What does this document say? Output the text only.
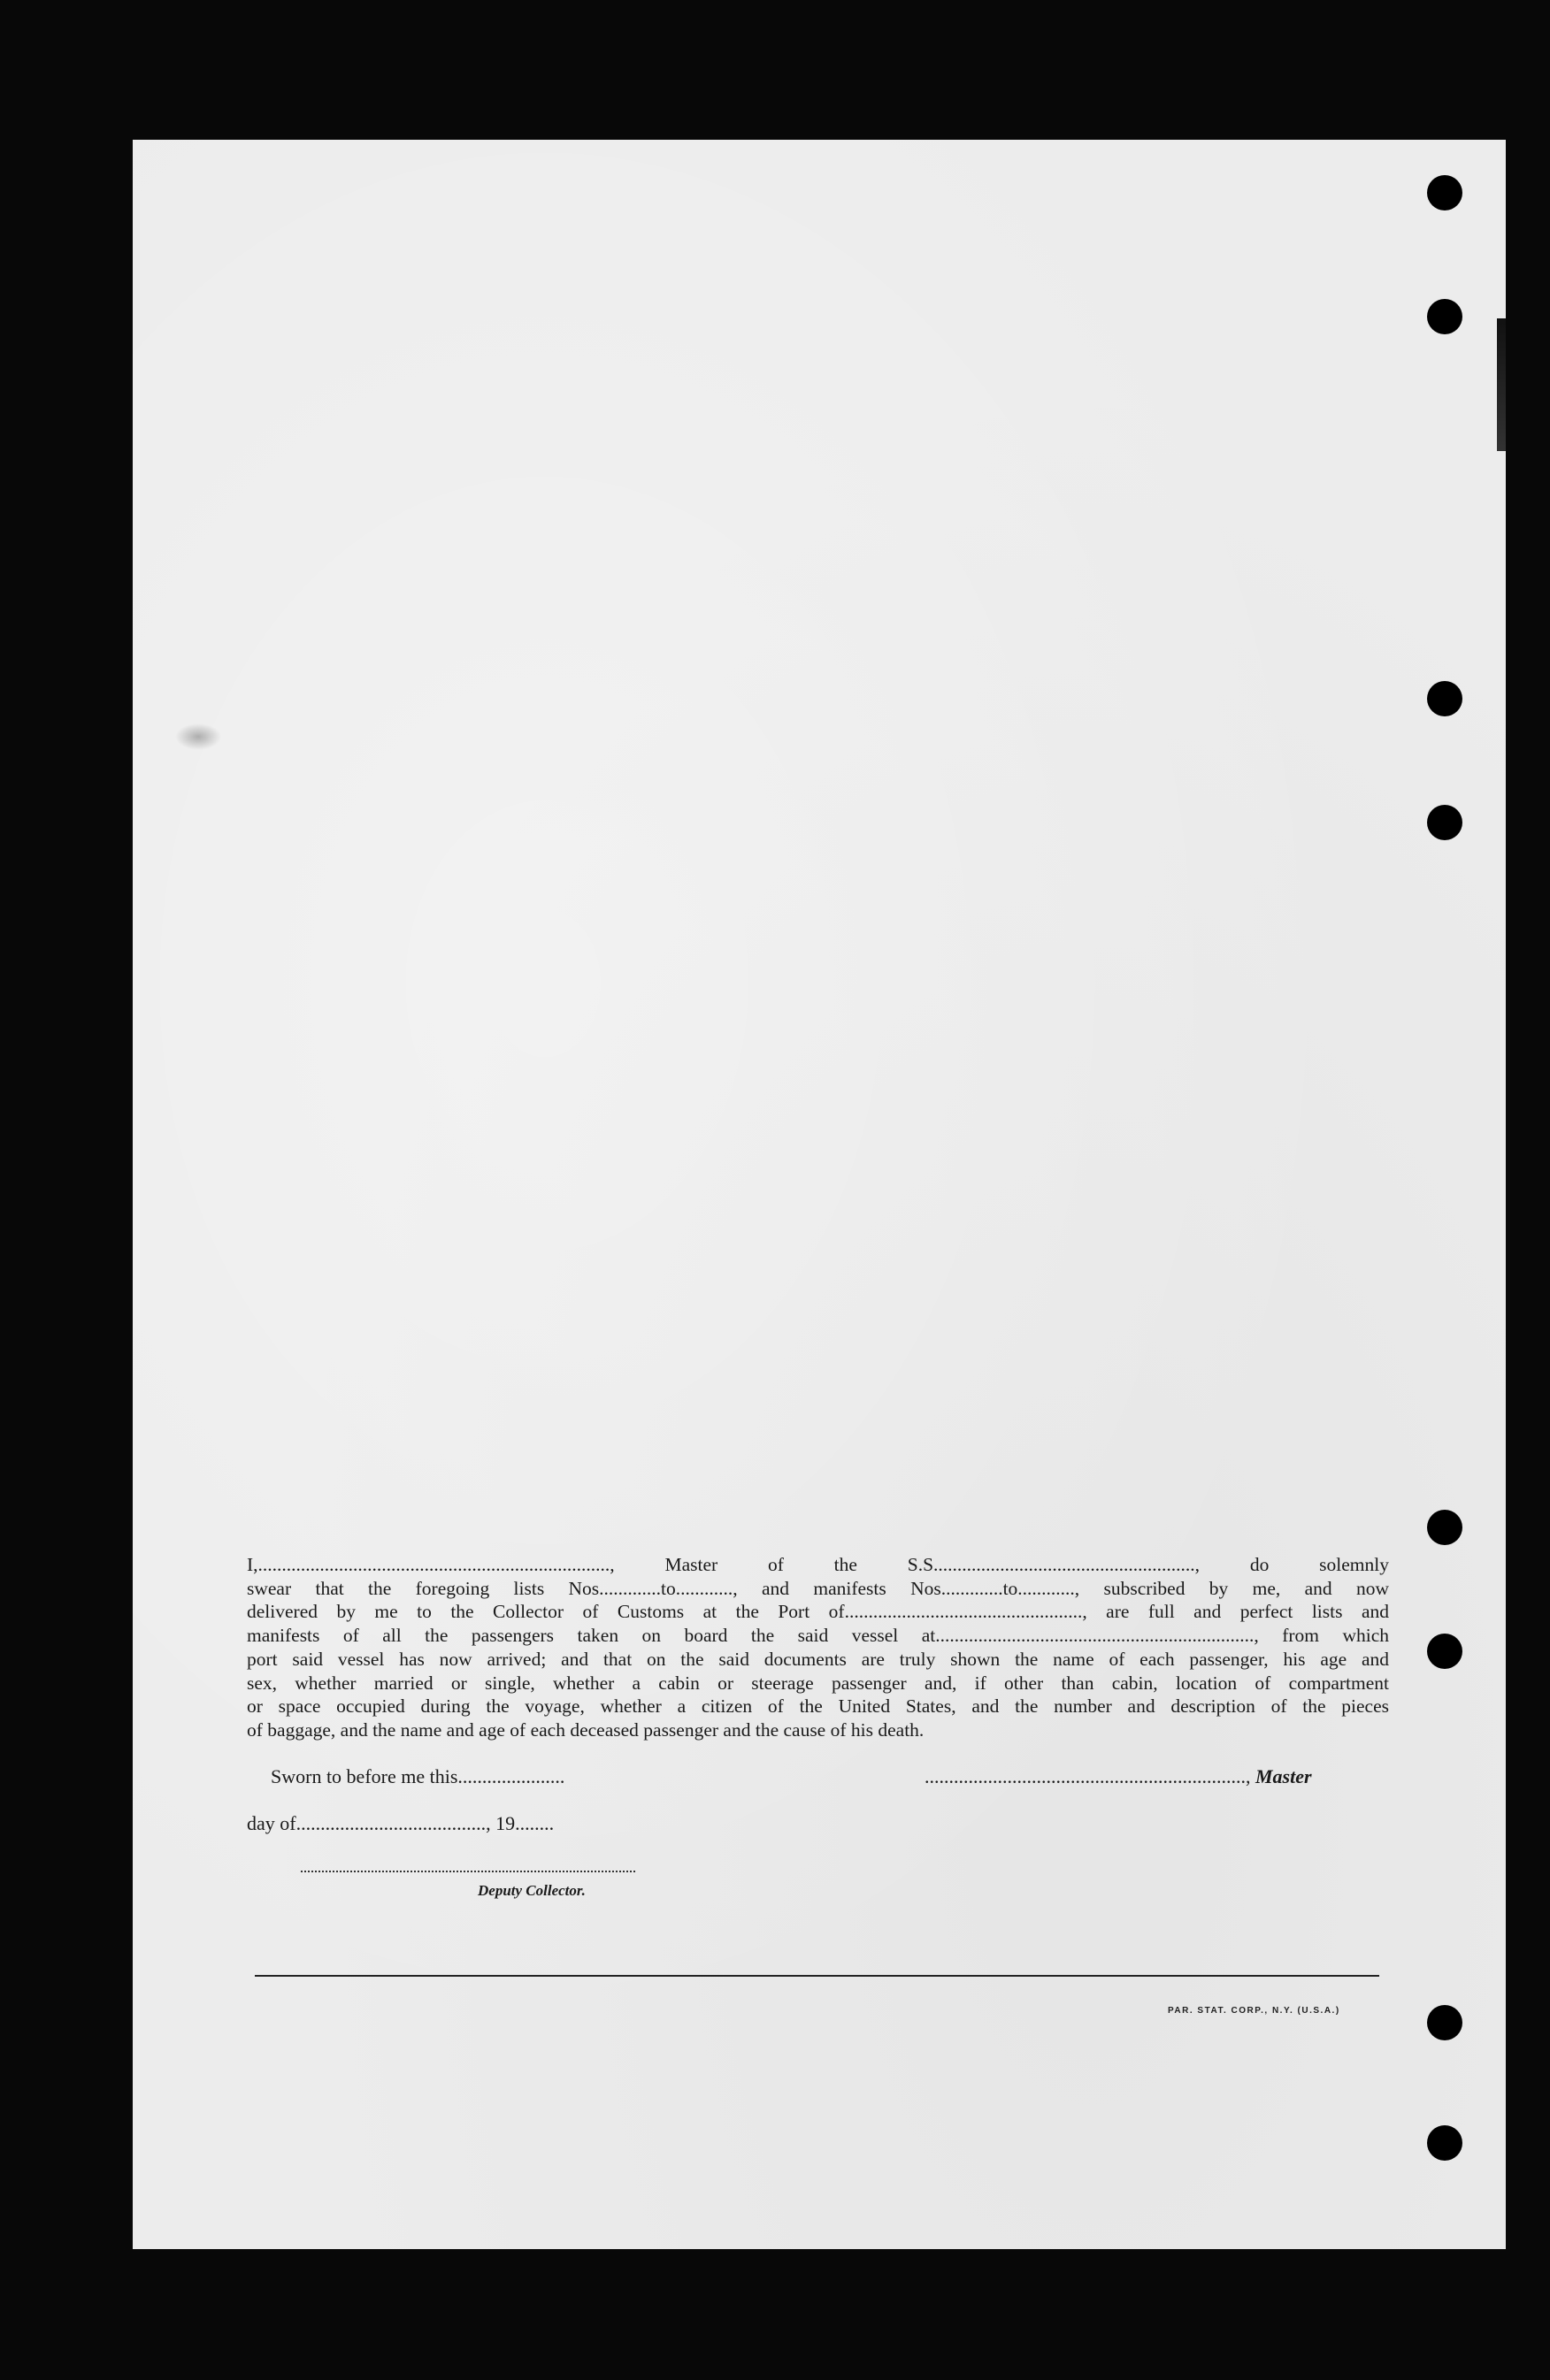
I,.........................................................................., Master of the S.S......................................................., do solemnly

swear that the foregoing lists Nos.............to............, and manifests Nos.............to............, subscribed by me, and now

delivered by me to the Collector of Customs at the Port of.................................................., are full and perfect lists and

manifests of all the passengers taken on board the said vessel at..................................................................., from which

port said vessel has now arrived; and that on the said documents are truly shown the name of each passenger, his age and

sex, whether married or single, whether a cabin or steerage passenger and, if other than cabin, location of compartment

or space occupied during the voyage, whether a citizen of the United States, and the number and description of the pieces

of baggage, and the name and age of each deceased passenger and the cause of his death.

Sworn to before me this......................	.................................................................., Master
day of......................................., 19........
Deputy Collector.
PAR. STAT. CORP., N.Y. (U.S.A.)
